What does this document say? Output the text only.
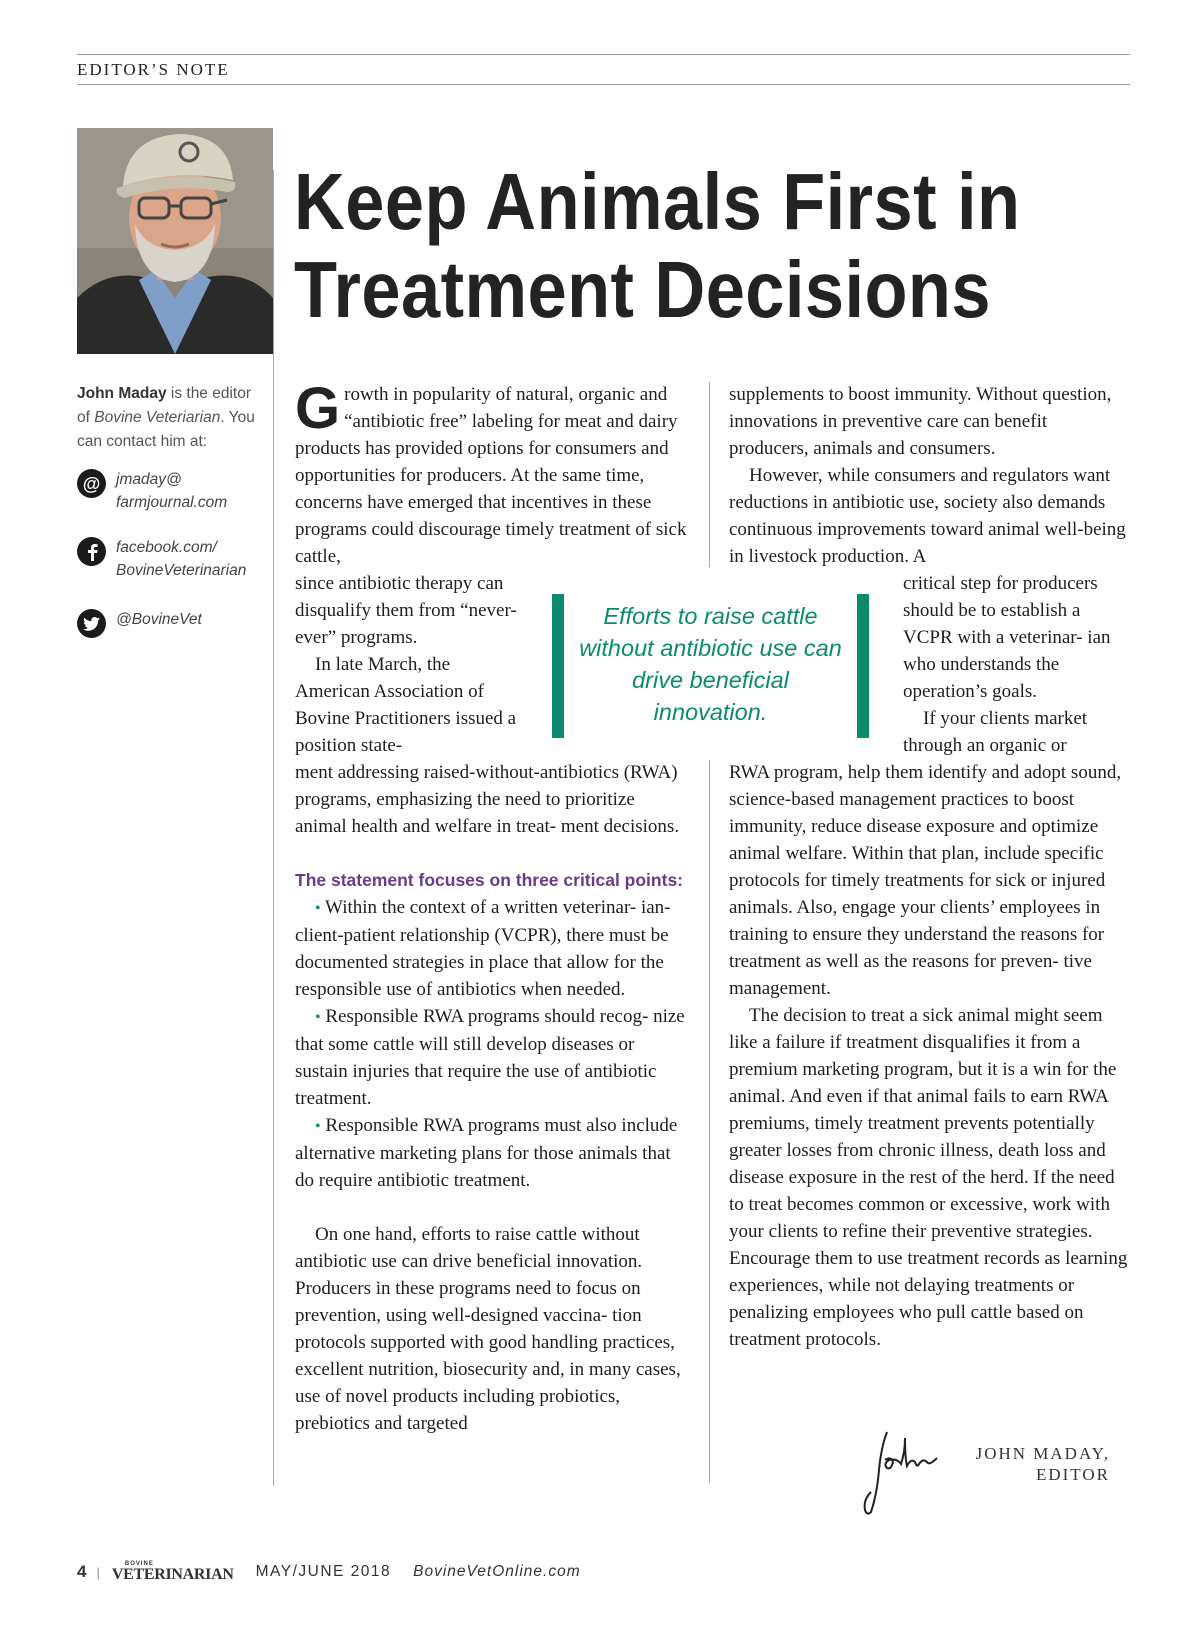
EDITOR’S NOTE
Keep Animals First in Treatment Decisions
John Maday is the editor of Bovine Veteriarian. You can contact him at:
@ jmaday@
farmjournal.com
facebook.com/
BovineVeterinarian
@BovineVet

Growth in popularity of natural, organic and “antibiotic free” labeling for meat and dairy products has provided options for consumers and opportunities for producers. At the same time, concerns have emerged that incentives in these programs could discourage timely treatment of sick cattle,

since antibiotic therapy can disqualify them from “never-ever” programs.

In late March, the American Association of Bovine Practitioners issued a position state-

ment addressing raised-without-antibiotics (RWA) programs, emphasizing the need to prioritize animal health and welfare in treat- ment decisions.

The statement focuses on three critical points:

• Within the context of a written veterinar- ian-client-patient relationship (VCPR), there must be documented strategies in place that allow for the responsible use of antibiotics when needed.

• Responsible RWA programs should recog- nize that some cattle will still develop diseases or sustain injuries that require the use of antibiotic treatment.

• Responsible RWA programs must also include alternative marketing plans for those animals that do require antibiotic treatment.

On one hand, efforts to raise cattle without antibiotic use can drive beneficial innovation. Producers in these programs need to focus on prevention, using well-designed vaccina- tion protocols supported with good handling practices, excellent nutrition, biosecurity and, in many cases, use of novel products including probiotics, prebiotics and targeted

supplements to boost immunity. Without question, innovations in preventive care can benefit producers, animals and consumers.

However, while consumers and regulators want reductions in antibiotic use, society also demands continuous improvements toward animal well-being in livestock production. A

critical step for producers should be to establish a VCPR with a veterinar- ian who understands the operation’s goals.

If your clients market through an organic or

RWA program, help them identify and adopt sound, science-based management practices to boost immunity, reduce disease exposure and optimize animal welfare. Within that plan, include specific protocols for timely treatments for sick or injured animals. Also, engage your clients’ employees in training to ensure they understand the reasons for treatment as well as the reasons for preven- tive management.

The decision to treat a sick animal might seem like a failure if treatment disqualifies it from a premium marketing program, but it is a win for the animal. And even if that animal fails to earn RWA premiums, timely treatment prevents potentially greater losses from chronic illness, death loss and disease exposure in the rest of the herd. If the need to treat becomes common or excessive, work with your clients to refine their preventive strategies. Encourage them to use treatment records as learning experiences, while not delaying treatments or penalizing employees who pull cattle based on treatment protocols.

Efforts to raise cattle without antibiotic use can drive beneficial innovation.
JOHN MADAY,
EDITOR
4 |
BOVINE
VETERINARIAN MAY/JUNE 2018 BovineVetOnline.com
